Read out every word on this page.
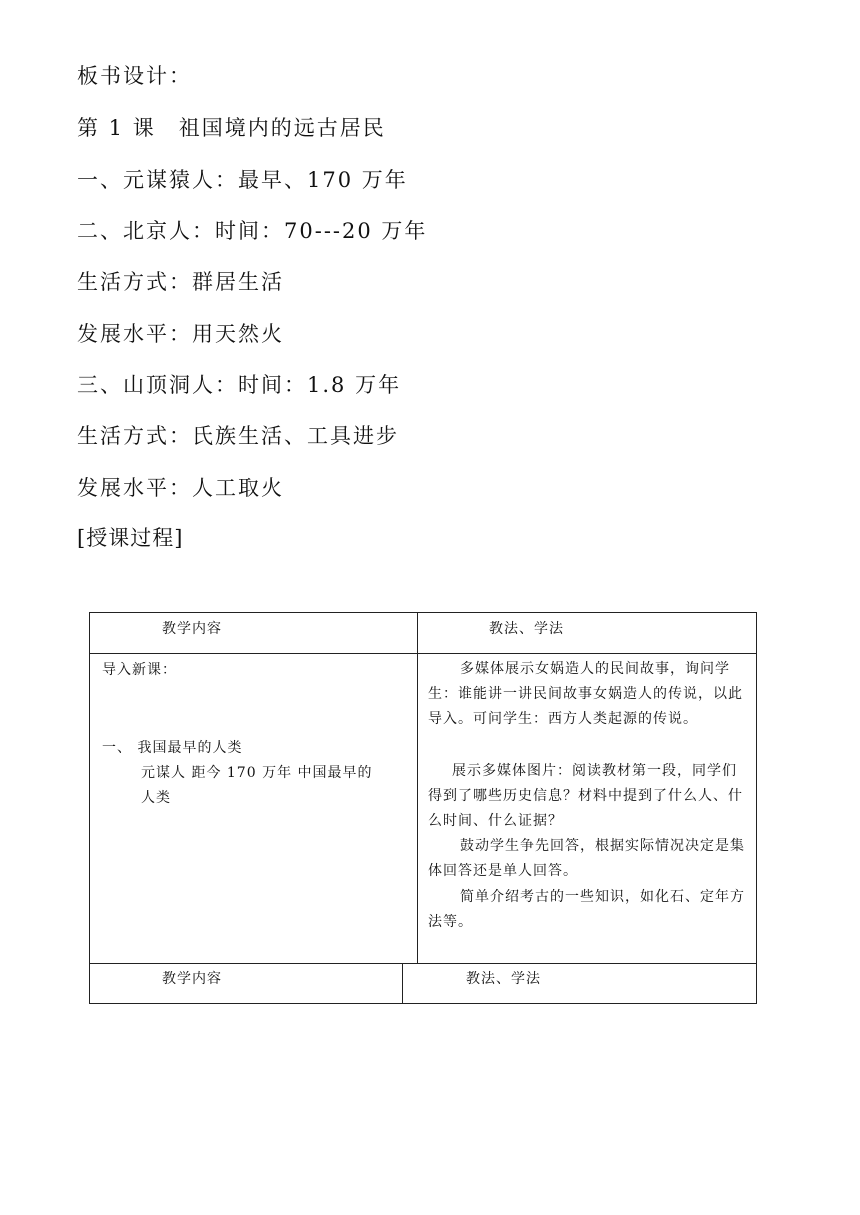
板书设计：
第 1 课　祖国境内的远古居民
一、元谋猿人：最早、170 万年
二、北京人：时间：70---20 万年
生活方式：群居生活
发展水平：用天然火
三、山顶洞人：时间：1.8 万年
生活方式：氏族生活、工具进步
发展水平：人工取火
[授课过程]
教学内容	教法、学法
导入新课：
一、 我国最早的人类
元谋人 距今 170 万年 中国最早的
人类
多媒体展示女娲造人的民间故事，询问学生：谁能讲一讲民间故事女娲造人的传说，以此导入。可问学生：西方人类起源的传说。
展示多媒体图片：阅读教材第一段，同学们得到了哪些历史信息？材料中提到了什么人、什么时间、什么证据？
鼓动学生争先回答，根据实际情况决定是集体回答还是单人回答。
简单介绍考古的一些知识，如化石、定年方法等。
教学内容	教法、学法
